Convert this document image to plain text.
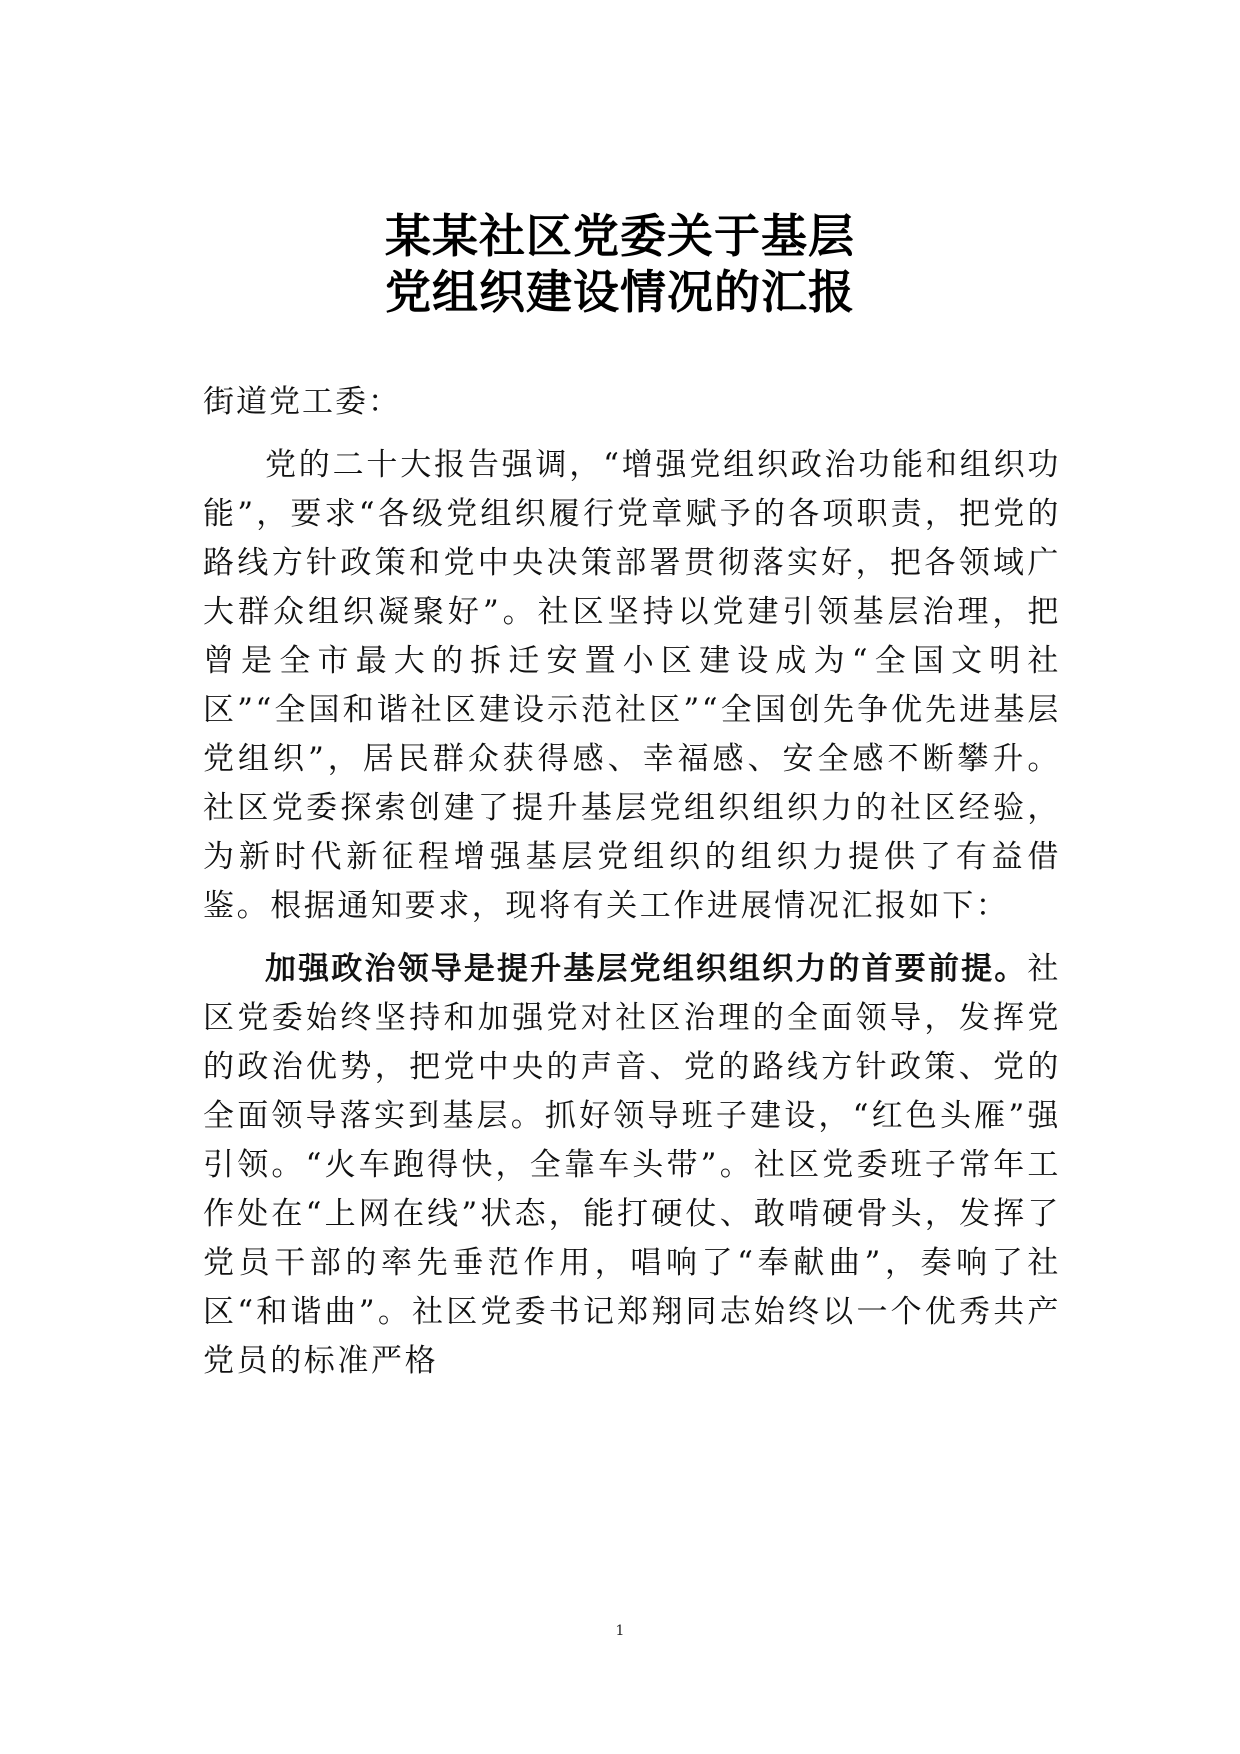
某某社区党委关于基层
党组织建设情况的汇报

街道党工委：

党的二十大报告强调，“增强党组织政治功能和组织功能”，要求“各级党组织履行党章赋予的各项职责，把党的路线方针政策和党中央决策部署贯彻落实好，把各领域广大群众组织凝聚好”。社区坚持以党建引领基层治理，把曾是全市最大的拆迁安置小区建设成为“全国文明社区”“全国和谐社区建设示范社区”“全国创先争优先进基层党组织”，居民群众获得感、幸福感、安全感不断攀升。社区党委探索创建了提升基层党组织组织力的社区经验，为新时代新征程增强基层党组织的组织力提供了有益借鉴。根据通知要求，现将有关工作进展情况汇报如下：

加强政治领导是提升基层党组织组织力的首要前提。社区党委始终坚持和加强党对社区治理的全面领导，发挥党的政治优势，把党中央的声音、党的路线方针政策、党的全面领导落实到基层。抓好领导班子建设，“红色头雁”强引领。“火车跑得快，全靠车头带”。社区党委班子常年工作处在“上网在线”状态，能打硬仗、敢啃硬骨头，发挥了党员干部的率先垂范作用，唱响了“奉献曲”，奏响了社区“和谐曲”。社区党委书记郑翔同志始终以一个优秀共产党员的标准严格

1
